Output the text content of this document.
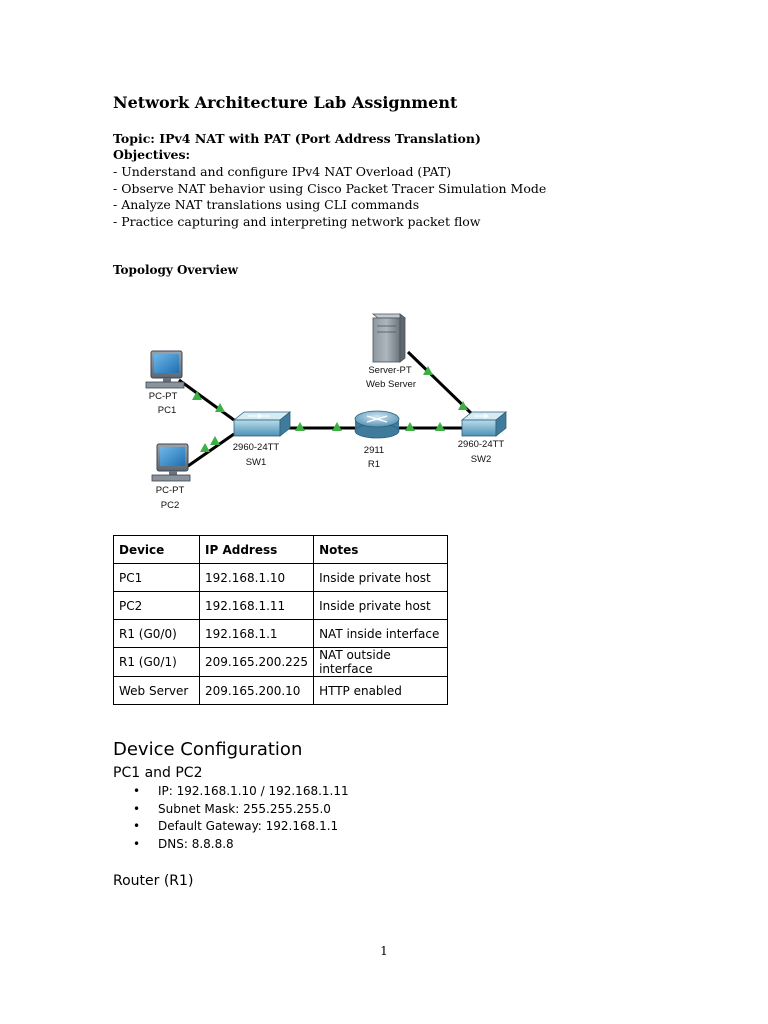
Network Architecture Lab Assignment
Topic: IPv4 NAT with PAT (Port Address Translation)
Objectives:
- Understand and configure IPv4 NAT Overload (PAT)
- Observe NAT behavior using Cisco Packet Tracer Simulation Mode
- Analyze NAT translations using CLI commands
- Practice capturing and interpreting network packet flow
Topology Overview
PC-PT
PC1
PC-PT
PC2
2960-24TT
SW1
2911
R1
2960-24TT
SW2
Server-PT
Web Server
Device	IP Address	Notes
PC1	192.168.1.10	Inside private host
PC2	192.168.1.11	Inside private host
R1 (G0/0)	192.168.1.1	NAT inside interface
R1 (G0/1)	209.165.200.225	NAT outside interface
Web Server	209.165.200.10	HTTP enabled
Device Configuration
PC1 and PC2
• IP: 192.168.1.10 / 192.168.1.11
• Subnet Mask: 255.255.255.0
• Default Gateway: 192.168.1.1
• DNS: 8.8.8.8
Router (R1)
1
